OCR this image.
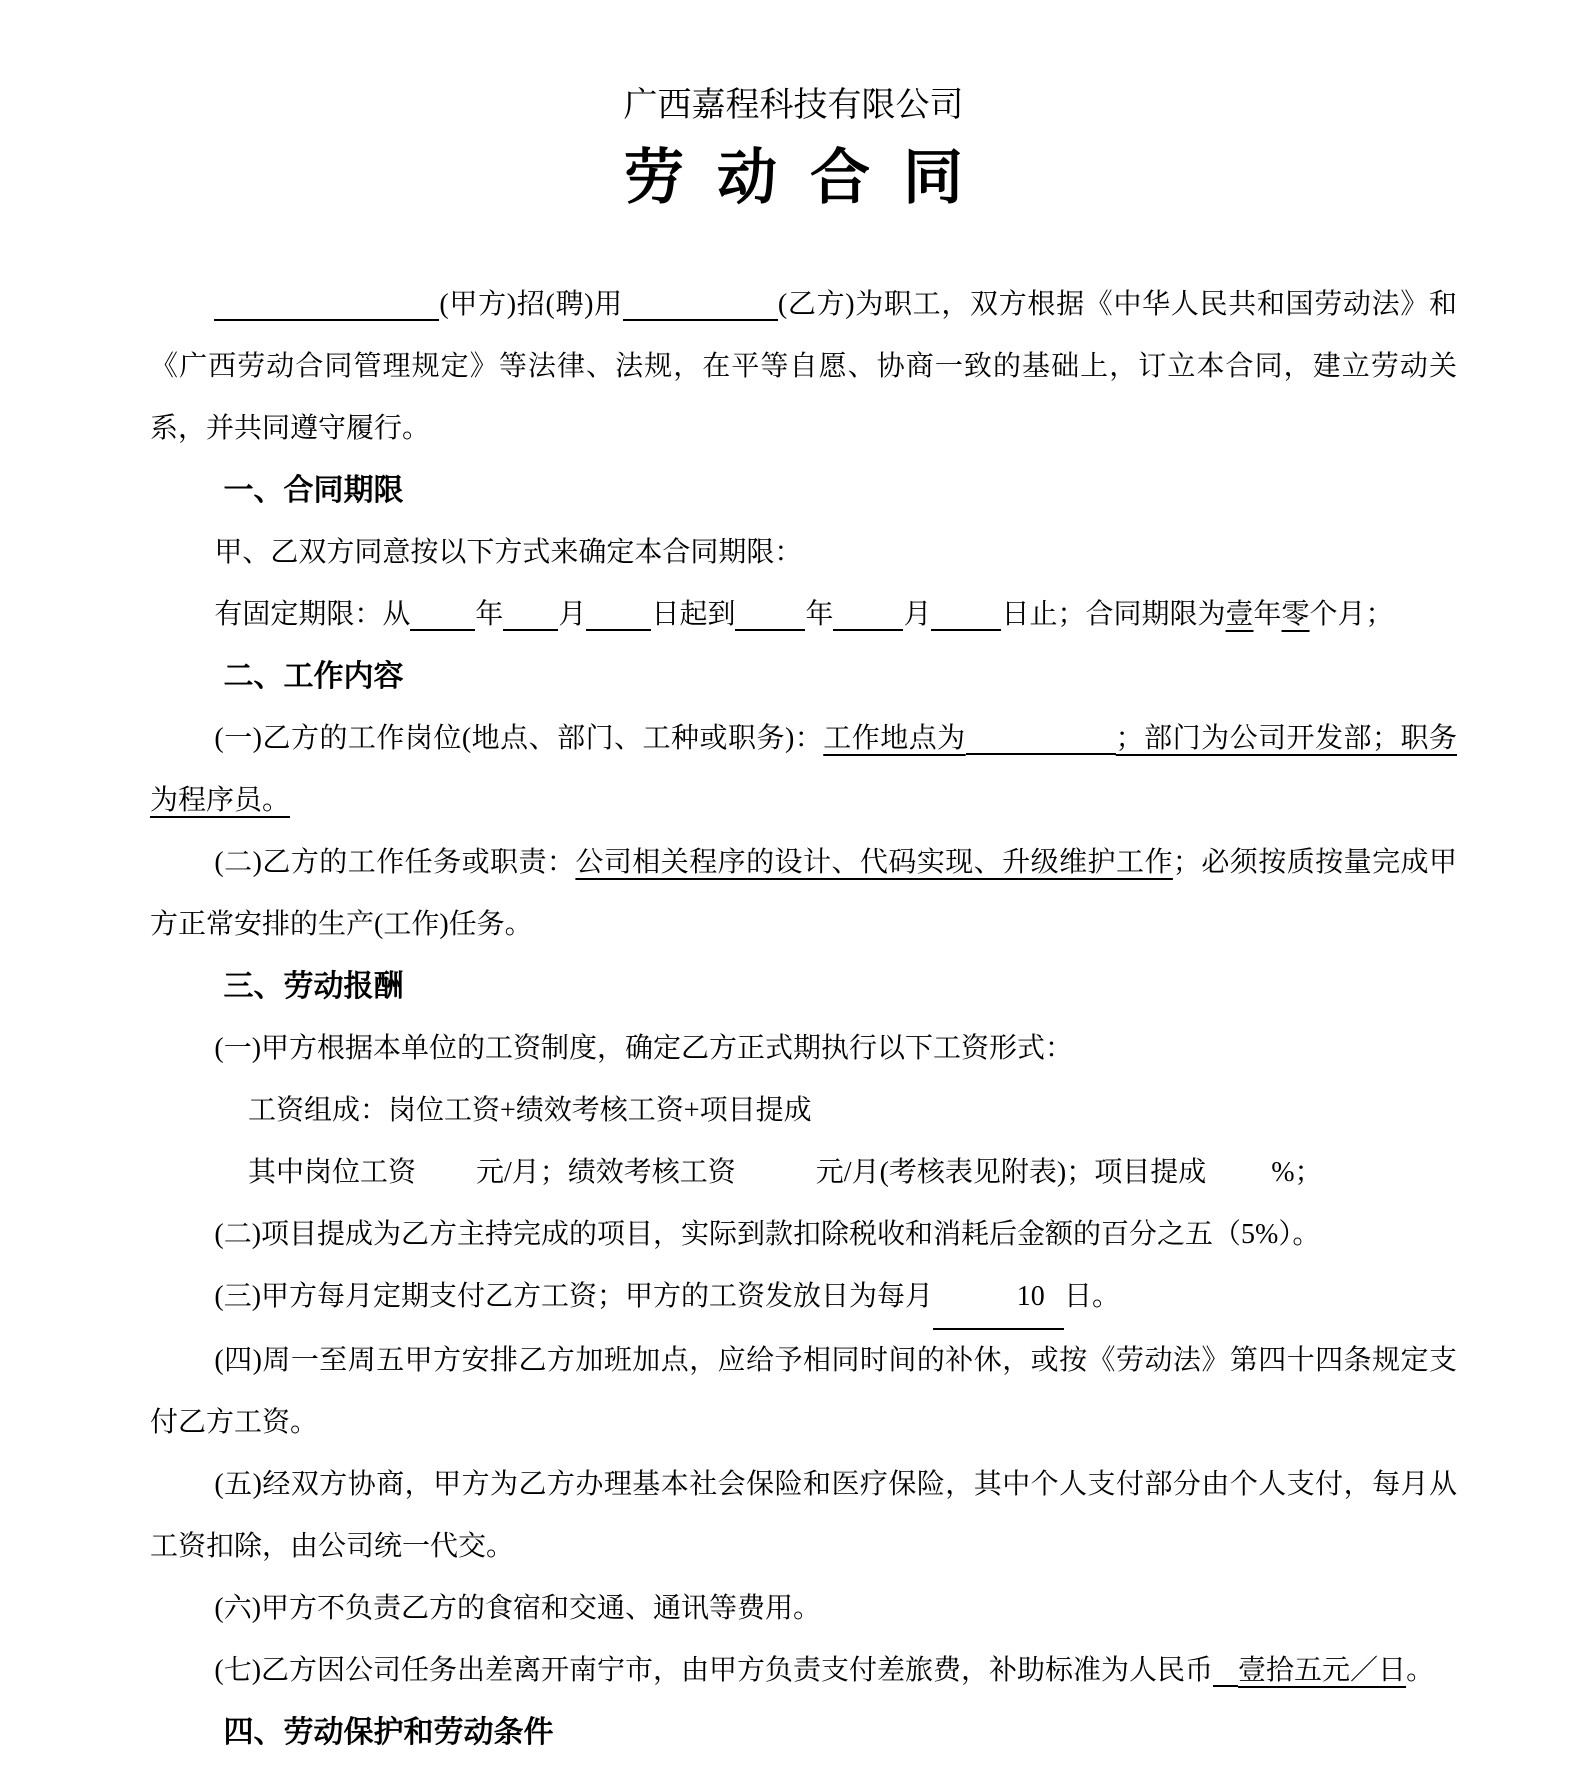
广西嘉程科技有限公司
劳动合同

(甲方)招(聘)用	(乙方)为职工，双方根据《中华人民共和国劳动法》和《广西劳动合同管理规定》等法律、法规，在平等自愿、协商一致的基础上，订立本合同，建立劳动关系，并共同遵守履行。

一、合同期限

甲、乙双方同意按以下方式来确定本合同期限：

有固定期限：从 年 月 日起到	年	月	日止；合同期限为壹年零个月；

二、工作内容

(一)乙方的工作岗位(地点、部门、工种或职务)：工作地点为	；部门为公司开发部；职务为程序员。

(二)乙方的工作任务或职责：公司相关程序的设计、代码实现、升级维护工作；必须按质按量完成甲方正常安排的生产(工作)任务。

三、劳动报酬

(一)甲方根据本单位的工资制度，确定乙方正式期执行以下工资形式：

工资组成：岗位工资+绩效考核工资+项目提成

其中岗位工资 元/月；绩效考核工资	元/月(考核表见附表)；项目提成 %；

(二)项目提成为乙方主持完成的项目，实际到款扣除税收和消耗后金额的百分之五（5%）。

(三)甲方每月定期支付乙方工资；甲方的工资发放日为每月	10 日。

(四)周一至周五甲方安排乙方加班加点，应给予相同时间的补休，或按《劳动法》第四十四条规定支付乙方工资。

(五)经双方协商，甲方为乙方办理基本社会保险和医疗保险，其中个人支付部分由个人支付，每月从工资扣除，由公司统一代交。

(六)甲方不负责乙方的食宿和交通、通讯等费用。

(七)乙方因公司任务出差离开南宁市，由甲方负责支付差旅费，补助标准为人民币 壹拾五元／日。

四、劳动保护和劳动条件
